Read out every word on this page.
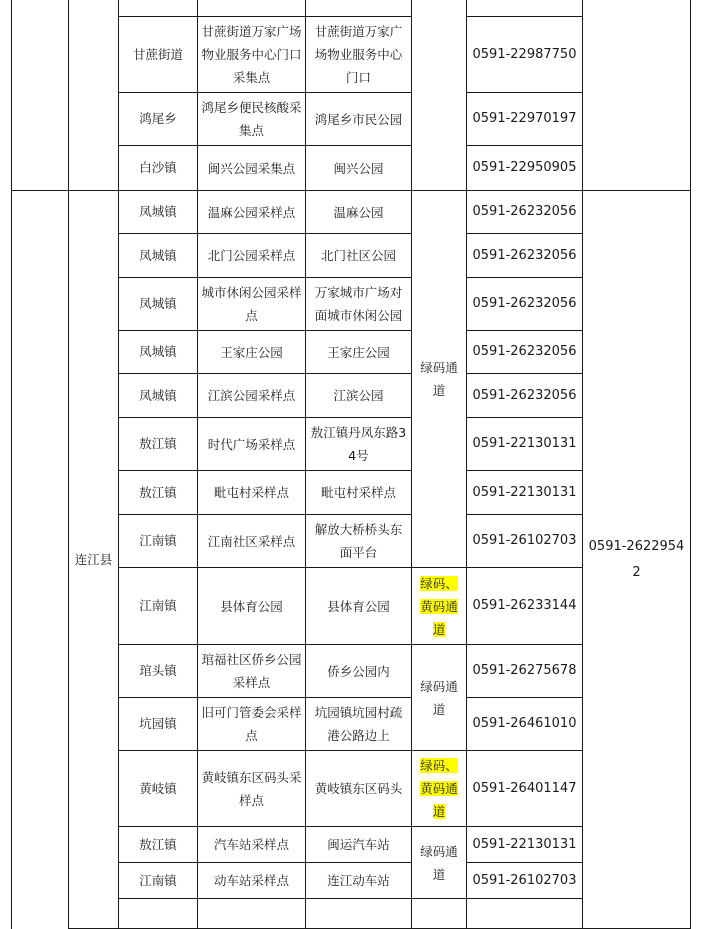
		甘蔗街道	甘蔗街道万家广场物业服务中心门口采集点	甘蔗街道万家广场物业服务中心门口		0591-22987750	
		鸿尾乡	鸿尾乡便民核酸采集点	鸿尾乡市民公园		0591-22970197	
		白沙镇	闽兴公园采集点	闽兴公园		0591-22950905	
	连江县	凤城镇	温麻公园采样点	温麻公园	绿码通道	0591-26232056	0591-26229542
		凤城镇	北门公园采样点	北门社区公园		0591-26232056	
		凤城镇	城市休闲公园采样点	万家城市广场对面城市休闲公园		0591-26232056	
		凤城镇	王家庄公园	王家庄公园		0591-26232056	
		凤城镇	江滨公园采样点	江滨公园		0591-26232056	
		敖江镇	时代广场采样点	敖江镇丹凤东路34号		0591-22130131	
		敖江镇	毗屯村采样点	毗屯村采样点		0591-22130131	
		江南镇	江南社区采样点	解放大桥桥头东面平台		0591-26102703	
		江南镇	县体育公园	县体育公园	绿码、黄码通道	0591-26233144	
		琯头镇	琯福社区侨乡公园采样点	侨乡公园内	绿码通道	0591-26275678	
		坑园镇	旧可门管委会采样点	坑园镇坑园村疏港公路边上		0591-26461010	
		黄岐镇	黄岐镇东区码头采样点	黄岐镇东区码头	绿码、黄码通道	0591-26401147	
		敖江镇	汽车站采样点	闽运汽车站	绿码通道	0591-22130131	
		江南镇	动车站采样点	连江动车站		0591-26102703	
